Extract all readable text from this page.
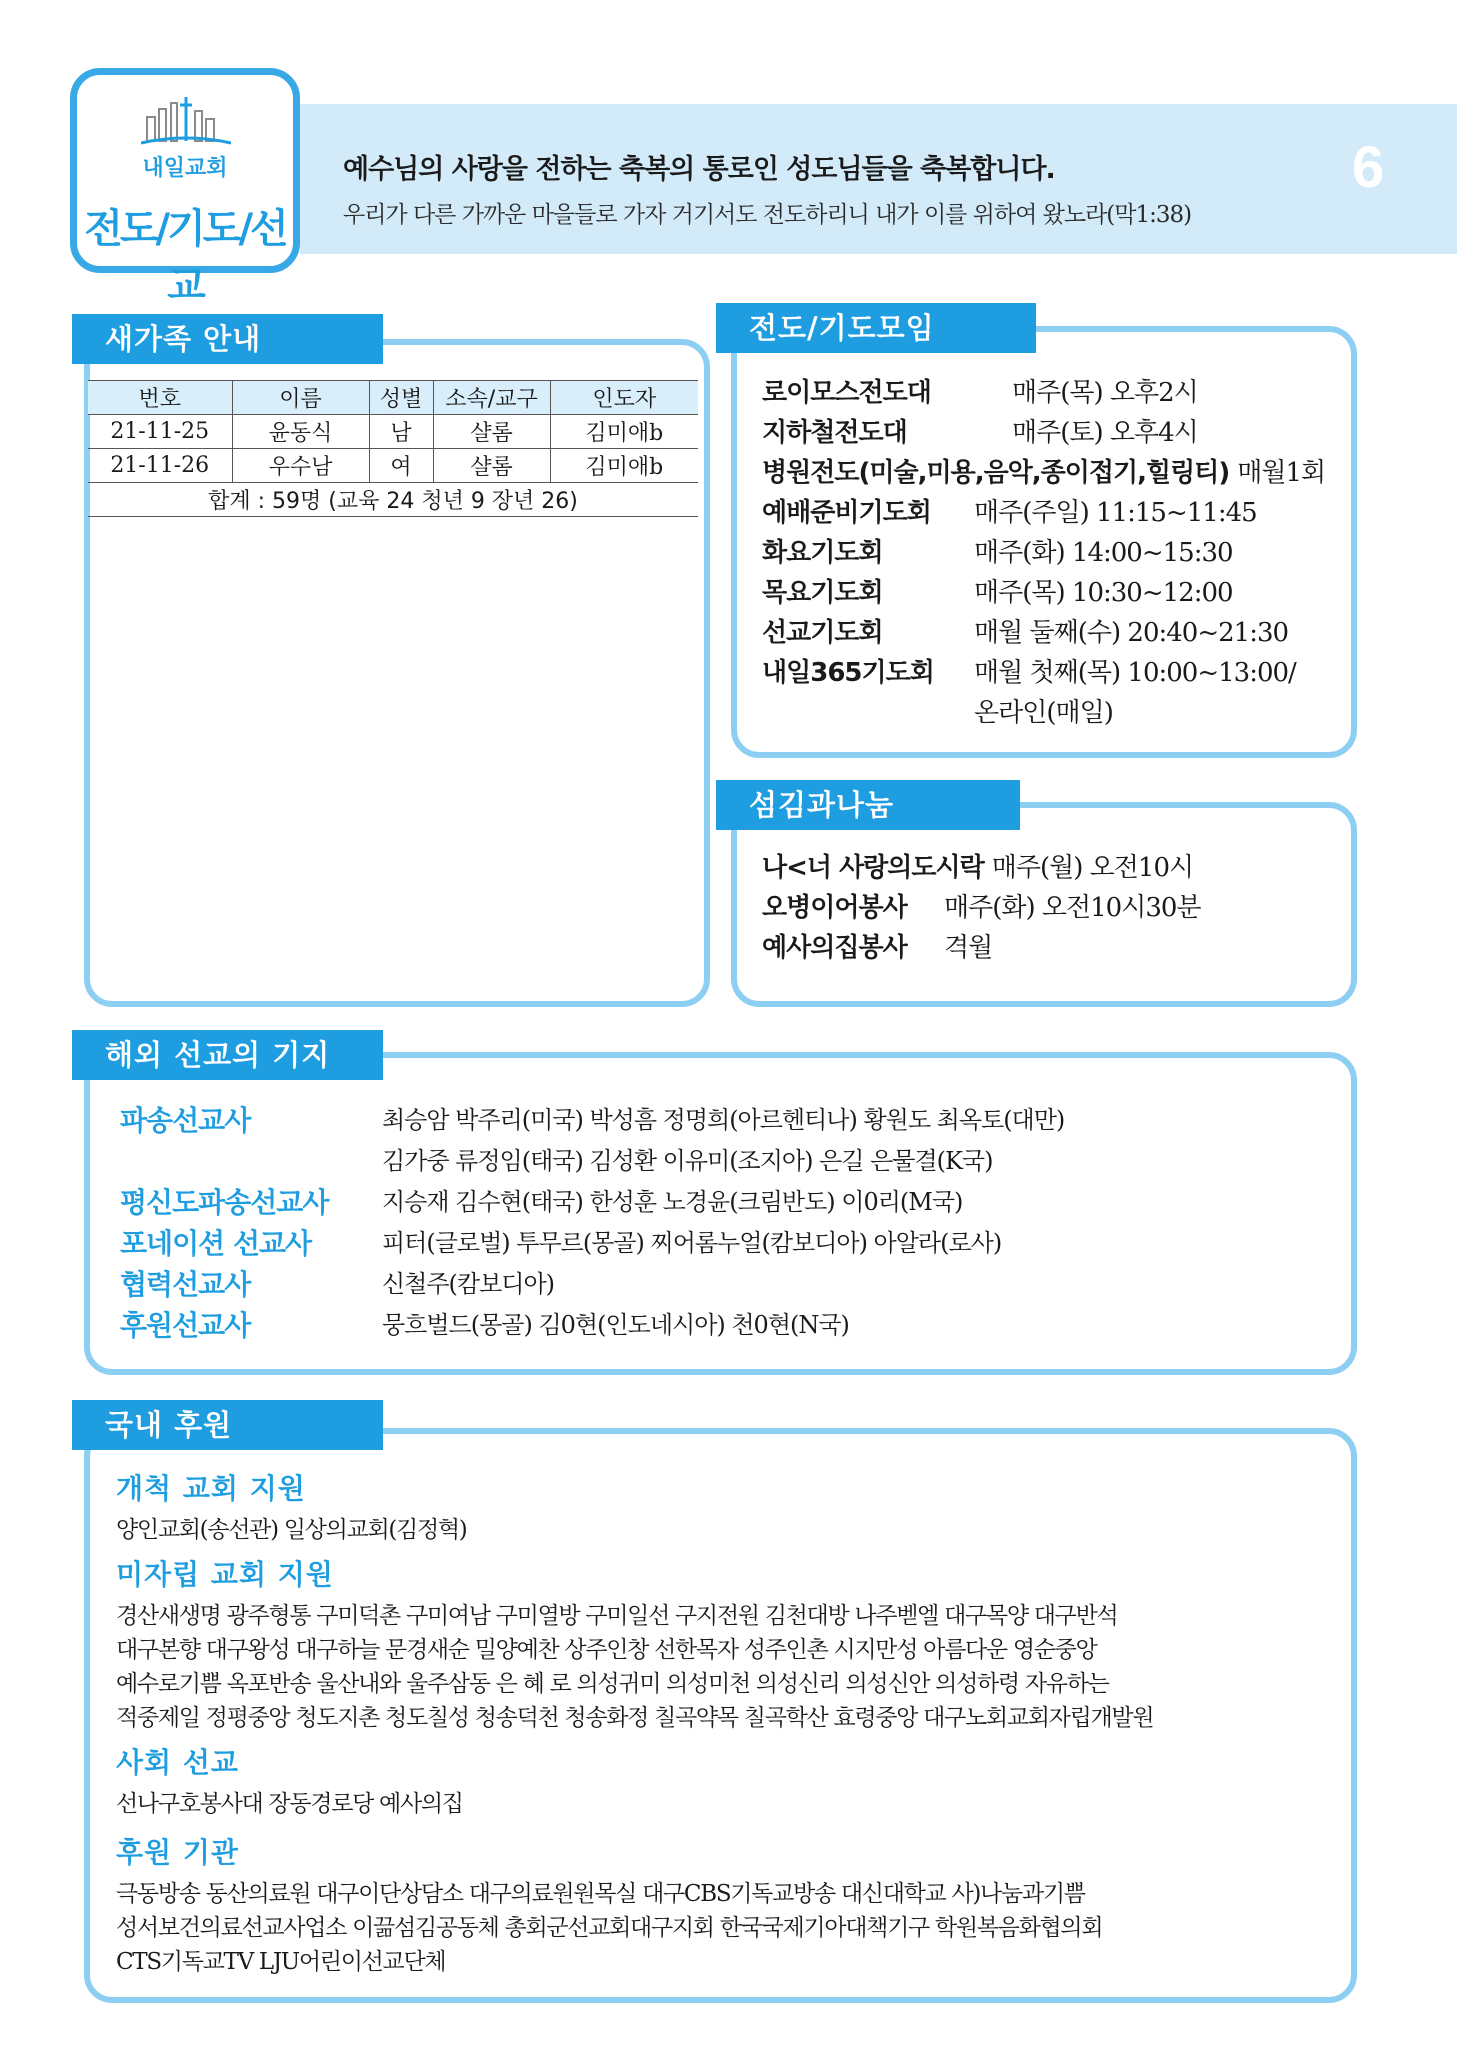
6
내일교회
전도/기도/선교
예수님의 사랑을 전하는 축복의 통로인 성도님들을 축복합니다.
우리가 다른 가까운 마을들로 가자 거기서도 전도하리니 내가 이를 위하여 왔노라(막1:38)
새가족 안내
번호	이름	성별	소속/교구	인도자
21-11-25	윤동식	남	샬롬	김미애b
21-11-26	우수남	여	샬롬	김미애b
합계 : 59명 (교육 24 청년 9 장년 26)				
전도/기도모임
로이모스전도대	매주(목) 오후2시
지하철전도대	매주(토) 오후4시
병원전도(미술,미용,음악,종이접기,힐링티) 매월1회
예배준비기도회	매주(주일) 11:15~11:45
화요기도회	매주(화) 14:00~15:30
목요기도회	매주(목) 10:30~12:00
선교기도회	매월 둘째(수) 20:40~21:30
내일365기도회	매월 첫째(목) 10:00~13:00/
온라인(매일)
섬김과나눔
나<너 사랑의도시락 매주(월) 오전10시
오병이어봉사	매주(화) 오전10시30분
예사의집봉사	격월
해외 선교의 기지
파송선교사	최승암 박주리(미국) 박성흠 정명희(아르헨티나) 황원도 최옥토(대만)
김가중 류정임(태국) 김성환 이유미(조지아) 은길 은물결(K국)
평신도파송선교사 지승재 김수현(태국) 한성훈 노경윤(크림반도) 이0리(M국)
포네이션 선교사	피터(글로벌) 투무르(몽골) 찌어롬누얼(캄보디아) 아알라(로사)
협력선교사	신철주(캄보디아)
후원선교사	뭉흐벌드(몽골) 김0현(인도네시아) 천0현(N국)
국내 후원
개척 교회 지원
양인교회(송선관) 일상의교회(김정혁)
미자립 교회 지원
경산새생명 광주형통 구미덕촌 구미여남 구미열방 구미일선 구지전원 김천대방 나주벧엘 대구목양 대구반석
대구본향 대구왕성 대구하늘 문경새순 밀양예찬 상주인창 선한목자 성주인촌 시지만성 아름다운 영순중앙
예수로기쁨 옥포반송 울산내와 울주삼동 은 혜 로 의성귀미 의성미천 의성신리 의성신안 의성하령 자유하는
적중제일 정평중앙 청도지촌 청도칠성 청송덕천 청송화정 칠곡약목 칠곡학산 효령중앙 대구노회교회자립개발원
사회 선교
선나구호봉사대 장동경로당 예사의집
후원 기관
극동방송 동산의료원 대구이단상담소 대구의료원원목실 대구CBS기독교방송 대신대학교 사)나눔과기쁨
성서보건의료선교사업소 이끎섬김공동체 총회군선교회대구지회 한국국제기아대책기구 학원복음화협의회
CTS기독교TV LJU어린이선교단체
